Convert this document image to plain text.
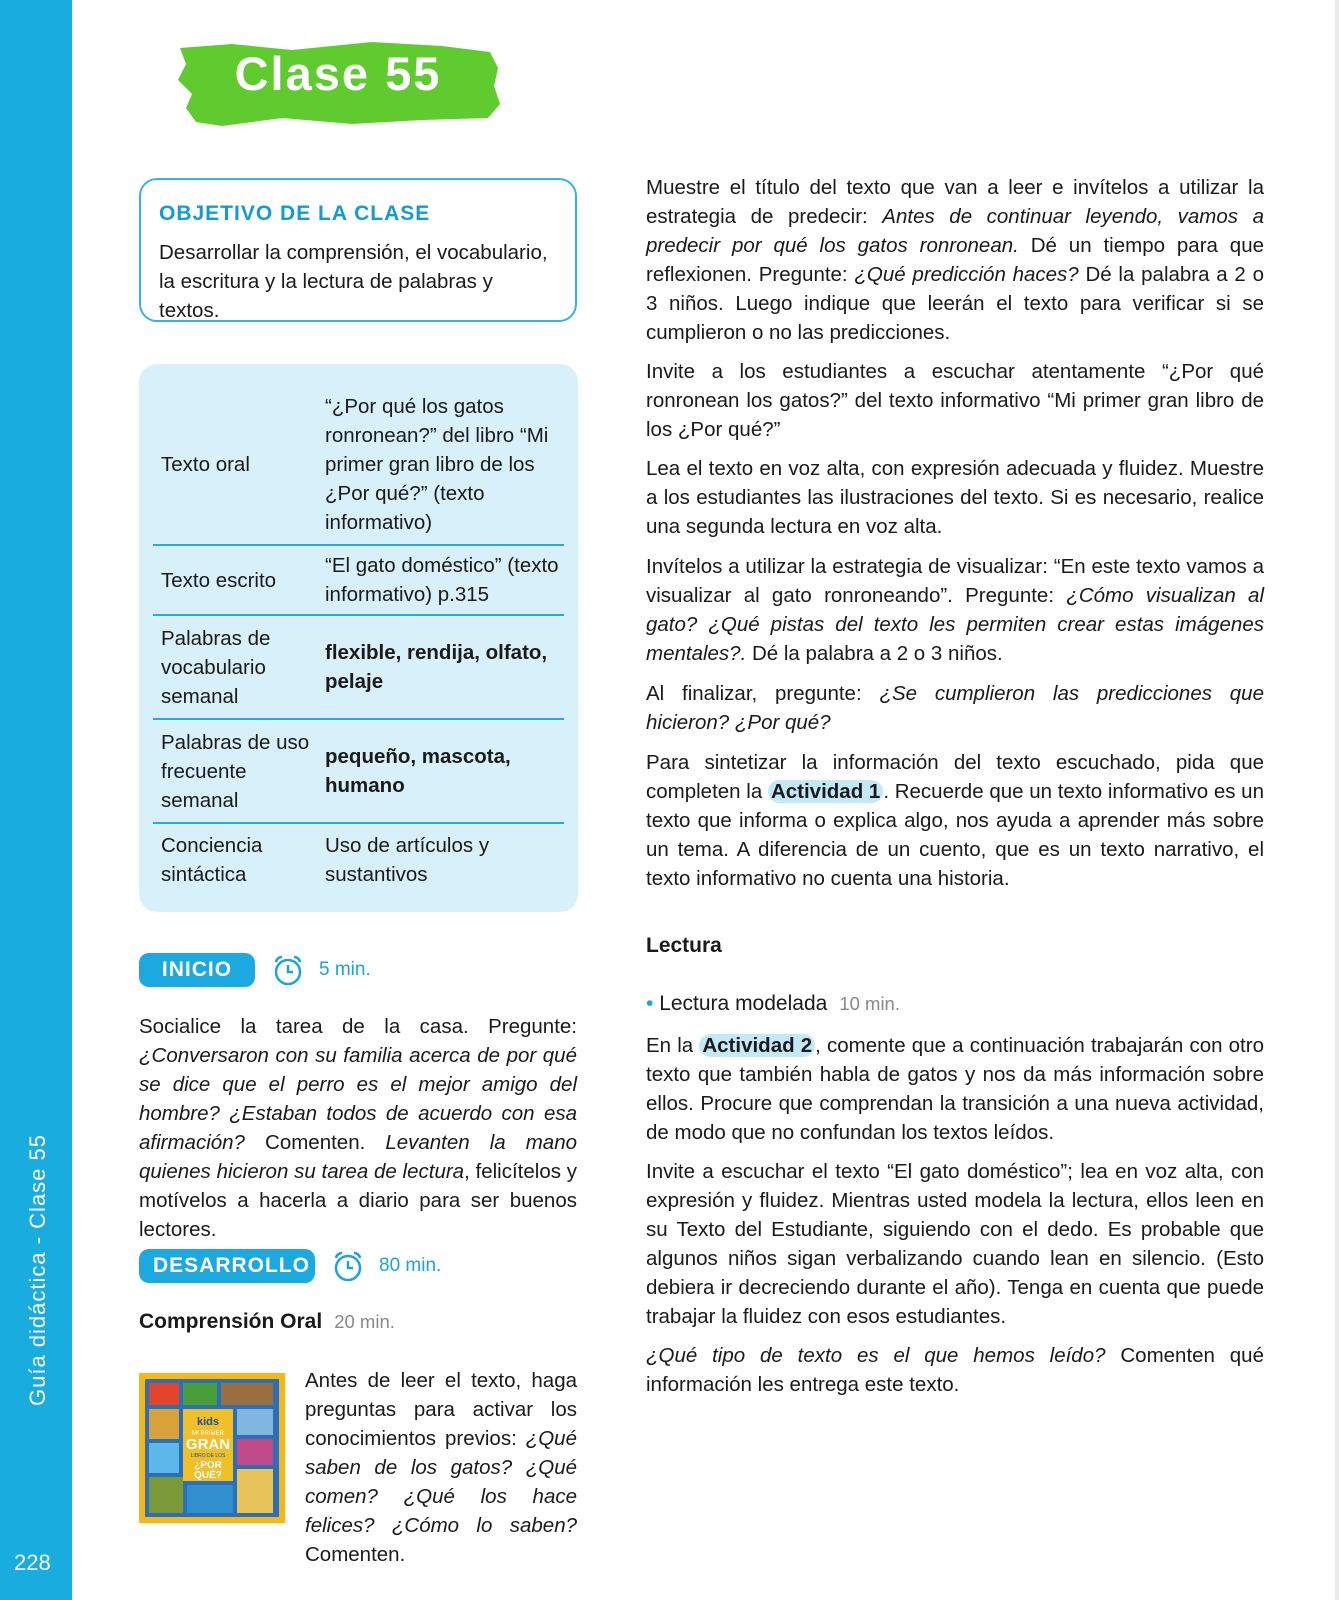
Guía didáctica - Clase 55
228
Clase 55
OBJETIVO DE LA CLASE
Desarrollar la comprensión, el vocabulario, la escritura y la lectura de palabras y textos.
Texto oral
“¿Por qué los gatos ronronean?” del libro “Mi primer gran libro de los ¿Por qué?” (texto informativo)
Texto escrito
“El gato doméstico” (texto informativo) p.315
Palabras de vocabulario semanal
flexible, rendija, olfato, pelaje
Palabras de uso frecuente semanal
pequeño, mascota, humano
Conciencia sintáctica
Uso de artículos y sustantivos
INICIO	5 min.
Socialice la tarea de la casa. Pregunte: ¿Conversaron con su familia acerca de por qué se dice que el perro es el mejor amigo del hombre? ¿Estaban todos de acuerdo con esa afirmación? Comenten. Levanten la mano quienes hicieron su tarea de lectura, felicítelos y motívelos a hacerla a diario para ser buenos lectores.
DESARROLLO	80 min.
Comprensión Oral 20 min.
kids
MI PRIMER
GRAN
LIBRO DE LOS
¿POR
QUÉ?
Antes de leer el texto, haga preguntas para activar los conocimientos previos: ¿Qué saben de los gatos? ¿Qué comen? ¿Qué los hace felices? ¿Cómo lo saben? Comenten.
Muestre el título del texto que van a leer e invítelos a utilizar la estrategia de predecir: Antes de continuar leyendo, vamos a predecir por qué los gatos ronronean. Dé un tiempo para que reflexionen. Pregunte: ¿Qué predicción haces? Dé la palabra a 2 o 3 niños. Luego indique que leerán el texto para verificar si se cumplieron o no las predicciones.
Invite a los estudiantes a escuchar atentamente “¿Por qué ronronean los gatos?” del texto informativo “Mi primer gran libro de los ¿Por qué?”
Lea el texto en voz alta, con expresión adecuada y fluidez. Muestre a los estudiantes las ilustraciones del texto. Si es necesario, realice una segunda lectura en voz alta.
Invítelos a utilizar la estrategia de visualizar: “En este texto vamos a visualizar al gato ronroneando”. Pregunte: ¿Cómo visualizan al gato? ¿Qué pistas del texto les permiten crear estas imágenes mentales?. Dé la palabra a 2 o 3 niños.
Al finalizar, pregunte: ¿Se cumplieron las predicciones que hicieron? ¿Por qué?
Para sintetizar la información del texto escuchado, pida que completen la Actividad 1 . Recuerde que un texto informativo es un texto que informa o explica algo, nos ayuda a aprender más sobre un tema. A diferencia de un cuento, que es un texto narrativo, el texto informativo no cuenta una historia.
Lectura
• Lectura modelada 10 min.
En la Actividad 2 , comente que a continuación trabajarán con otro texto que también habla de gatos y nos da más información sobre ellos. Procure que comprendan la transición a una nueva actividad, de modo que no confundan los textos leídos.
Invite a escuchar el texto “El gato doméstico”; lea en voz alta, con expresión y fluidez. Mientras usted modela la lectura, ellos leen en su Texto del Estudiante, siguiendo con el dedo. Es probable que algunos niños sigan verbalizando cuando lean en silencio. (Esto debiera ir decreciendo durante el año). Tenga en cuenta que puede trabajar la fluidez con esos estudiantes.
¿Qué tipo de texto es el que hemos leído? Comenten qué información les entrega este texto.
